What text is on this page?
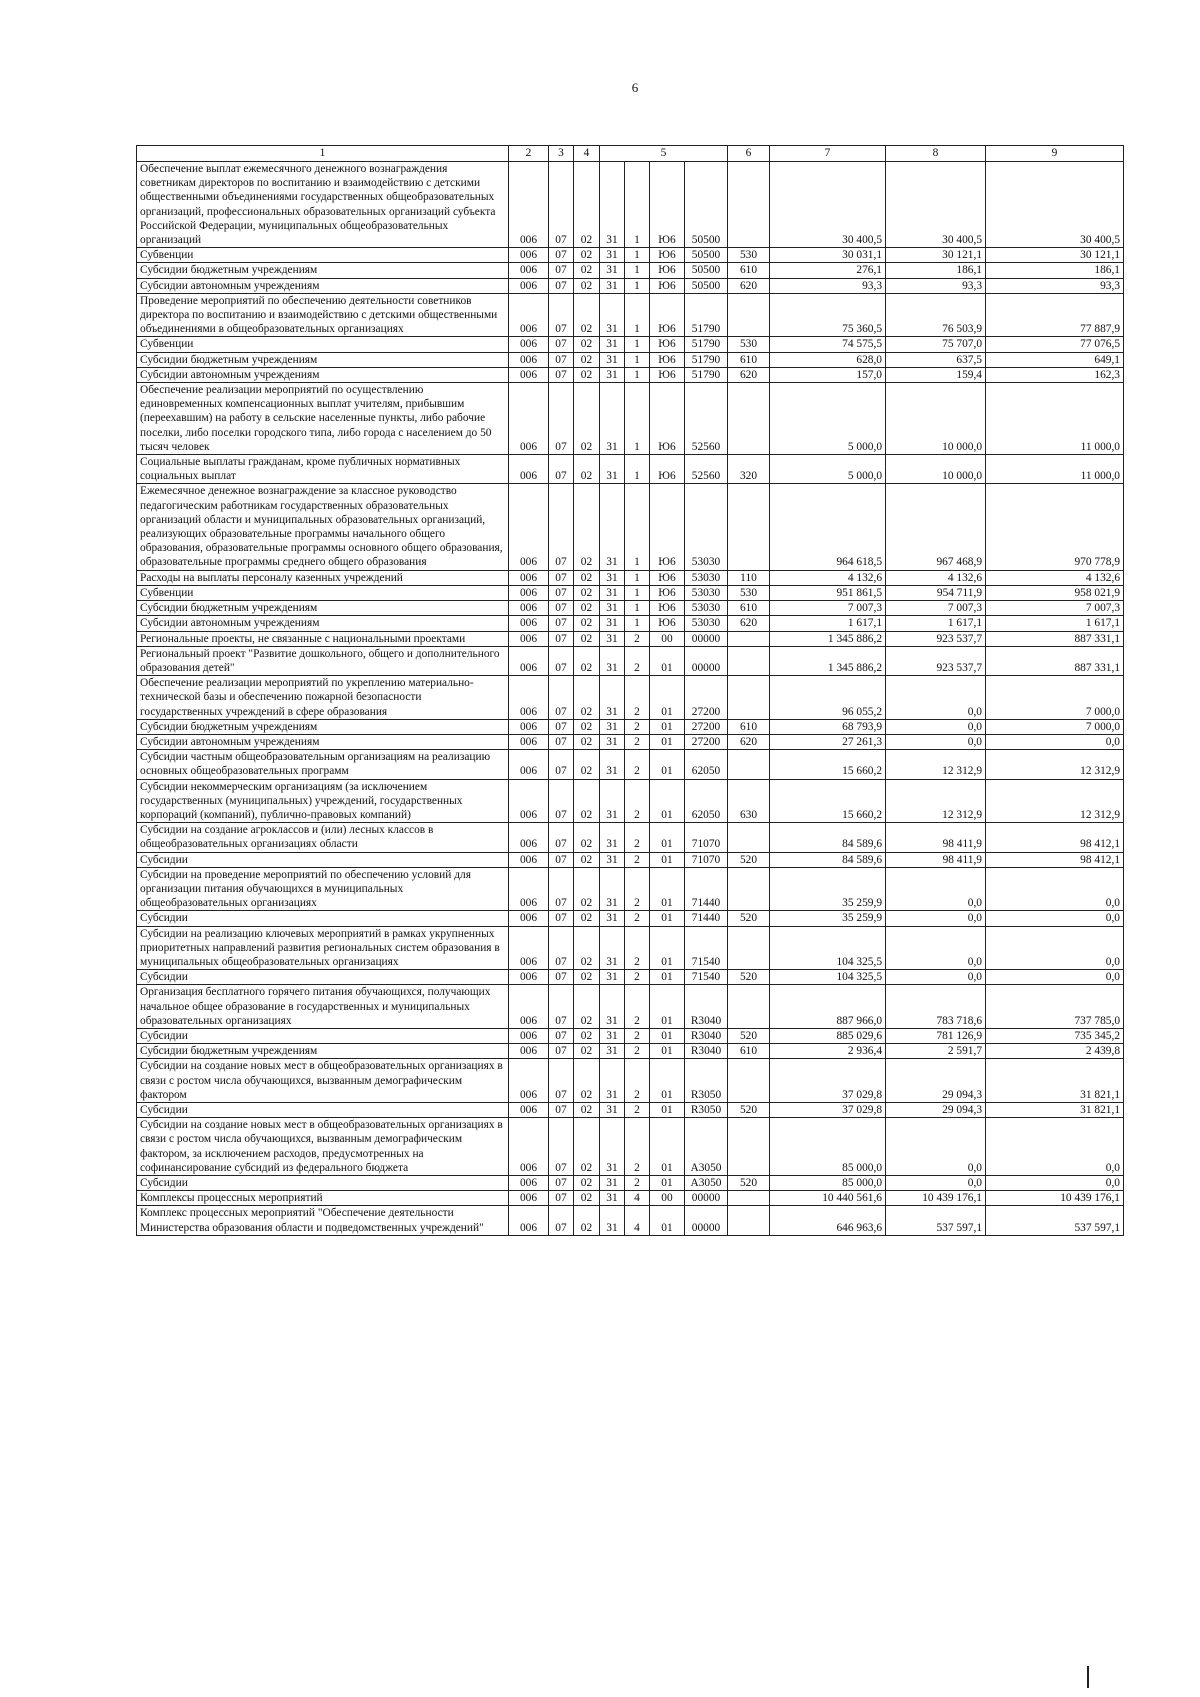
6
1	2	3	4	5				6	7	8	9
Обеспечение выплат ежемесячного денежного вознаграждения советникам директоров по воспитанию и взаимодействию с детскими общественными объединениями государственных общеобразовательных организаций, профессиональных образовательных организаций субъекта Российской Федерации, муниципальных общеобразовательных организаций	006	07	02	31	1	Ю6	50500		30 400,5	30 400,5	30 400,5
Субвенции	006	07	02	31	1	Ю6	50500	530	30 031,1	30 121,1	30 121,1
Субсидии бюджетным учреждениям	006	07	02	31	1	Ю6	50500	610	276,1	186,1	186,1
Субсидии автономным учреждениям	006	07	02	31	1	Ю6	50500	620	93,3	93,3	93,3
Проведение мероприятий по обеспечению деятельности советников директора по воспитанию и взаимодействию с детскими общественными объединениями в общеобразовательных организациях	006	07	02	31	1	Ю6	51790		75 360,5	76 503,9	77 887,9
Субвенции	006	07	02	31	1	Ю6	51790	530	74 575,5	75 707,0	77 076,5
Субсидии бюджетным учреждениям	006	07	02	31	1	Ю6	51790	610	628,0	637,5	649,1
Субсидии автономным учреждениям	006	07	02	31	1	Ю6	51790	620	157,0	159,4	162,3
Обеспечение реализации мероприятий по осуществлению единовременных компенсационных выплат учителям, прибывшим (переехавшим) на работу в сельские населенные пункты, либо рабочие поселки, либо поселки городского типа, либо города с населением до 50 тысяч человек	006	07	02	31	1	Ю6	52560		5 000,0	10 000,0	11 000,0
Социальные выплаты гражданам, кроме публичных нормативных социальных выплат	006	07	02	31	1	Ю6	52560	320	5 000,0	10 000,0	11 000,0
Ежемесячное денежное вознаграждение за классное руководство педагогическим работникам государственных образовательных организаций области и муниципальных образовательных организаций, реализующих образовательные программы начального общего образования, образовательные программы основного общего образования, образовательные программы среднего общего образования	006	07	02	31	1	Ю6	53030		964 618,5	967 468,9	970 778,9
Расходы на выплаты персоналу казенных учреждений	006	07	02	31	1	Ю6	53030	110	4 132,6	4 132,6	4 132,6
Субвенции	006	07	02	31	1	Ю6	53030	530	951 861,5	954 711,9	958 021,9
Субсидии бюджетным учреждениям	006	07	02	31	1	Ю6	53030	610	7 007,3	7 007,3	7 007,3
Субсидии автономным учреждениям	006	07	02	31	1	Ю6	53030	620	1 617,1	1 617,1	1 617,1
Региональные проекты, не связанные с национальными проектами	006	07	02	31	2	00	00000		1 345 886,2	923 537,7	887 331,1
Региональный проект "Развитие дошкольного, общего и дополнительного образования детей"	006	07	02	31	2	01	00000		1 345 886,2	923 537,7	887 331,1
Обеспечение реализации мероприятий по укреплению материально-технической базы и обеспечению пожарной безопасности государственных учреждений в сфере образования	006	07	02	31	2	01	27200		96 055,2	0,0	7 000,0
Субсидии бюджетным учреждениям	006	07	02	31	2	01	27200	610	68 793,9	0,0	7 000,0
Субсидии автономным учреждениям	006	07	02	31	2	01	27200	620	27 261,3	0,0	0,0
Субсидии частным общеобразовательным организациям на реализацию основных общеобразовательных программ	006	07	02	31	2	01	62050		15 660,2	12 312,9	12 312,9
Субсидии некоммерческим организациям (за исключением государственных (муниципальных) учреждений, государственных корпораций (компаний), публично-правовых компаний)	006	07	02	31	2	01	62050	630	15 660,2	12 312,9	12 312,9
Субсидии на создание агроклассов и (или) лесных классов в общеобразовательных организациях области	006	07	02	31	2	01	71070		84 589,6	98 411,9	98 412,1
Субсидии	006	07	02	31	2	01	71070	520	84 589,6	98 411,9	98 412,1
Субсидии на проведение мероприятий по обеспечению условий для организации питания обучающихся в муниципальных общеобразовательных организациях	006	07	02	31	2	01	71440		35 259,9	0,0	0,0
Субсидии	006	07	02	31	2	01	71440	520	35 259,9	0,0	0,0
Субсидии на реализацию ключевых мероприятий в рамках укрупненных приоритетных направлений развития региональных систем образования в муниципальных общеобразовательных организациях	006	07	02	31	2	01	71540		104 325,5	0,0	0,0
Субсидии	006	07	02	31	2	01	71540	520	104 325,5	0,0	0,0
Организация бесплатного горячего питания обучающихся, получающих начальное общее образование в государственных и муниципальных образовательных организациях	006	07	02	31	2	01	R3040		887 966,0	783 718,6	737 785,0
Субсидии	006	07	02	31	2	01	R3040	520	885 029,6	781 126,9	735 345,2
Субсидии бюджетным учреждениям	006	07	02	31	2	01	R3040	610	2 936,4	2 591,7	2 439,8
Субсидии на создание новых мест в общеобразовательных организациях в связи с ростом числа обучающихся, вызванным демографическим фактором	006	07	02	31	2	01	R3050		37 029,8	29 094,3	31 821,1
Субсидии	006	07	02	31	2	01	R3050	520	37 029,8	29 094,3	31 821,1
Субсидии на создание новых мест в общеобразовательных организациях в связи с ростом числа обучающихся, вызванным демографическим фактором, за исключением расходов, предусмотренных на софинансирование субсидий из федерального бюджета	006	07	02	31	2	01	A3050		85 000,0	0,0	0,0
Субсидии	006	07	02	31	2	01	A3050	520	85 000,0	0,0	0,0
Комплексы процессных мероприятий	006	07	02	31	4	00	00000		10 440 561,6	10 439 176,1	10 439 176,1
Комплекс процессных мероприятий "Обеспечение деятельности Министерства образования области и подведомственных учреждений"	006	07	02	31	4	01	00000		646 963,6	537 597,1	537 597,1
